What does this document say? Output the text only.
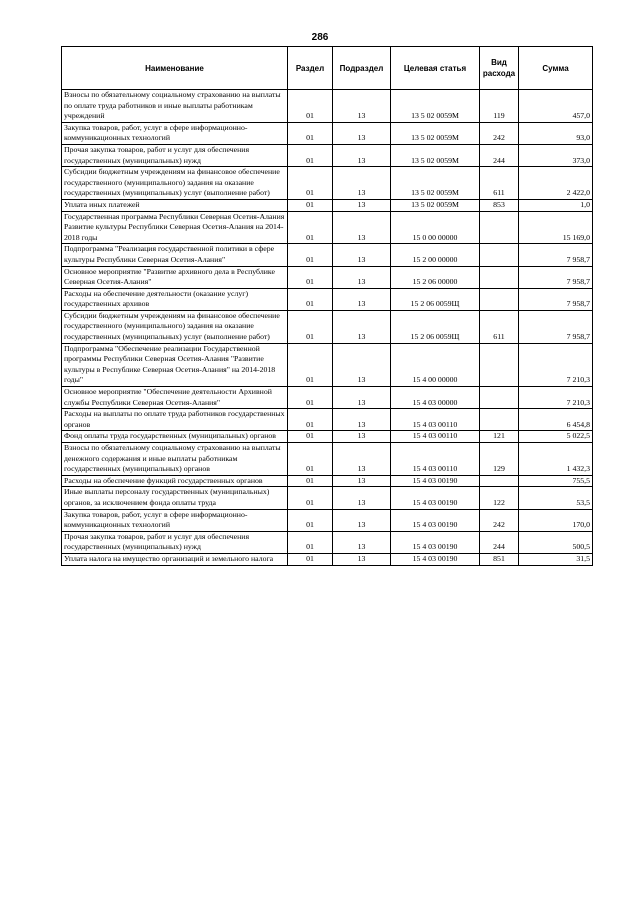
286
Наименование	Раздел	Подраздел	Целевая статья	Вид расхода	Сумма
Взносы по обязательному социальному страхованию на выплаты по оплате труда работников и иные выплаты работникам учреждений	01	13	13 5 02 0059М	119	457,0
Закупка товаров, работ, услуг в сфере информационно-коммуникационных технологий	01	13	13 5 02 0059М	242	93,0
Прочая закупка товаров, работ и услуг для обеспечения государственных (муниципальных) нужд	01	13	13 5 02 0059М	244	373,0
Субсидии бюджетным учреждениям на финансовое обеспечение государственного (муниципального) задания на оказание государственных (муниципальных) услуг (выполнение работ)	01	13	13 5 02 0059М	611	2 422,0
Уплата иных платежей	01	13	13 5 02 0059М	853	1,0
Государственная программа Республики Северная Осетия-Алания Развитие культуры Республики Северная Осетия-Алания на 2014-2018 годы	01	13	15 0 00 00000		15 169,0
Подпрограмма "Реализация государственной политики в сфере культуры Республики Северная Осетия-Алания"	01	13	15 2 00 00000		7 958,7
Основное мероприятие "Развитие архивного дела в Республике Северная Осетия-Алания"	01	13	15 2 06 00000		7 958,7
Расходы на обеспечение деятельности (оказание услуг) государственных архивов	01	13	15 2 06 0059Щ		7 958,7
Субсидии бюджетным учреждениям на финансовое обеспечение государственного (муниципального) задания на оказание государственных (муниципальных) услуг (выполнение работ)	01	13	15 2 06 0059Щ	611	7 958,7
Подпрограмма "Обеспечение реализации Государственной программы Республики Северная Осетия-Алания "Развитие культуры в Республике Северная Осетия-Алания" на 2014-2018 годы"	01	13	15 4 00 00000		7 210,3
Основное мероприятие "Обеспечение деятельности Архивной службы Республики Северная Осетия-Алания"	01	13	15 4 03 00000		7 210,3
Расходы на выплаты по оплате труда работников государственных органов	01	13	15 4 03 00110		6 454,8
Фонд оплаты труда государственных (муниципальных) органов	01	13	15 4 03 00110	121	5 022,5
Взносы по обязательному социальному страхованию на выплаты денежного содержания и иные выплаты работникам государственных (муниципальных) органов	01	13	15 4 03 00110	129	1 432,3
Расходы на обеспечение функций государственных органов	01	13	15 4 03 00190		755,5
Иные выплаты персоналу государственных (муниципальных) органов, за исключением фонда оплаты труда	01	13	15 4 03 00190	122	53,5
Закупка товаров, работ, услуг в сфере информационно-коммуникационных технологий	01	13	15 4 03 00190	242	170,0
Прочая закупка товаров, работ и услуг для обеспечения государственных (муниципальных) нужд	01	13	15 4 03 00190	244	500,5
Уплата налога на имущество организаций и земельного налога	01	13	15 4 03 00190	851	31,5
